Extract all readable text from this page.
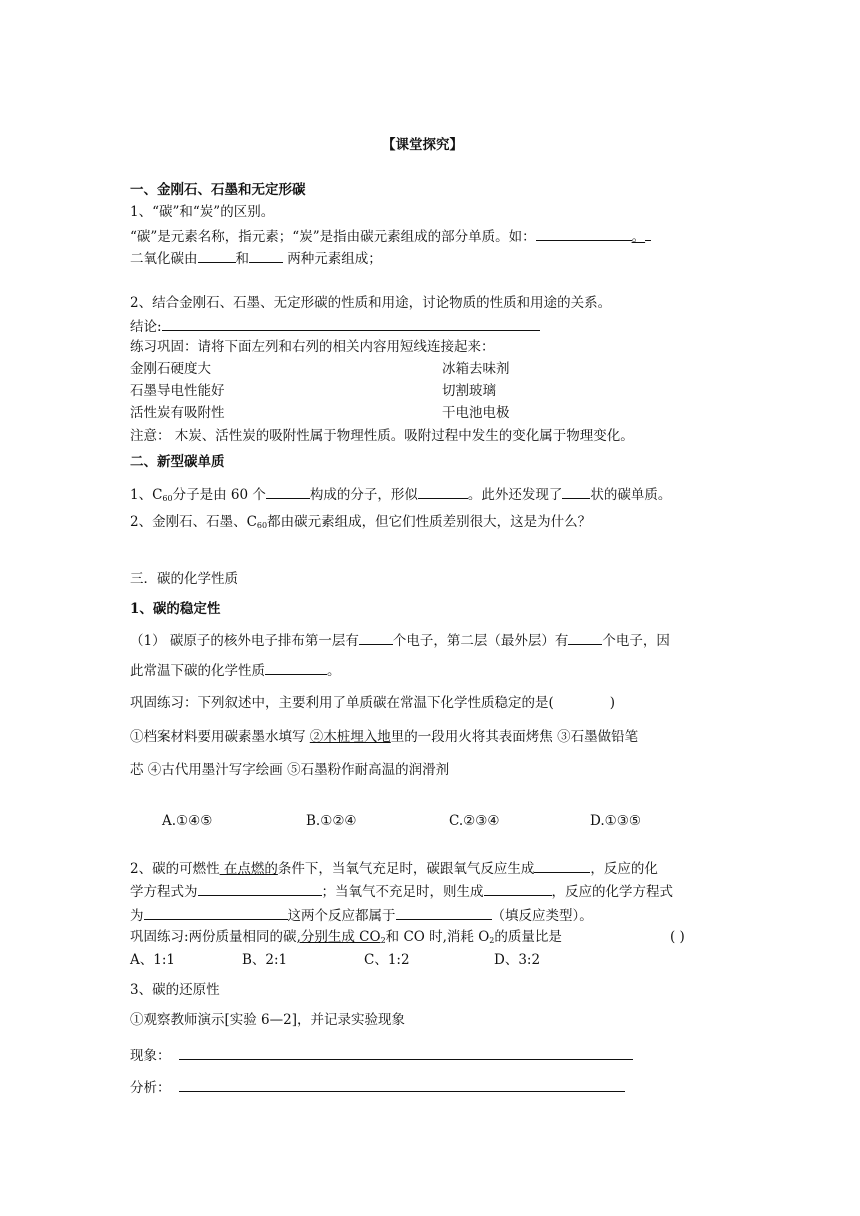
【课堂探究】
一、金刚石、石墨和无定形碳
1、“碳”和“炭”的区别。
“碳”是元素名称，指元素；“炭”是指由碳元素组成的部分单质。如：	。
二氧化碳由	和	两种元素组成；
2、结合金刚石、石墨、无定形碳的性质和用途，讨论物质的性质和用途的关系。
结论:
练习巩固：请将下面左列和右列的相关内容用短线连接起来：
金刚石硬度大	冰箱去味剂
石墨导电性能好	切割玻璃
活性炭有吸附性	干电池电极
注意： 木炭、活性炭的吸附性属于物理性质。吸附过程中发生的变化属于物理变化。
二、新型碳单质
1、$C_{60}$分子是由 60 个	构成的分子，形似	。此外还发现了 状的碳单质。
2、金刚石、石墨、$C_{60}$都由碳元素组成，但它们性质差别很大，这是为什么？
三．碳的化学性质
1、碳的稳定性
（1） 碳原子的核外电子排布第一层有	个电子，第二层（最外层）有	个电子，因
此常温下碳的化学性质	。
巩固练习：下列叙述中，主要利用了单质碳在常温下化学性质稳定的是(	)
①档案材料要用碳素墨水填写 ②木桩埋入地里的一段用火将其表面烤焦 ③石墨做铅笔
芯 ④古代用墨汁写字绘画 ⑤石墨粉作耐高温的润滑剂
A.①④⑤	B.①②④	C.②③④	D.①③⑤
2、碳的可燃性 在点燃的条件下，当氧气充足时，碳跟氧气反应生成	，反应的化
学方程式为	；当氧气不充足时，则生成	，反应的化学方程式
为	这两个反应都属于	（填反应类型）。
巩固练习:两份质量相同的碳,分别生成 $CO_2$和 CO 时,消耗 $O_2$的质量比是	( )
A、1:1	B、2:1	C、1:2	D、3:2
3、碳的还原性
①观察教师演示[实验 6—2]，并记录实验现象
现象：
分析：
